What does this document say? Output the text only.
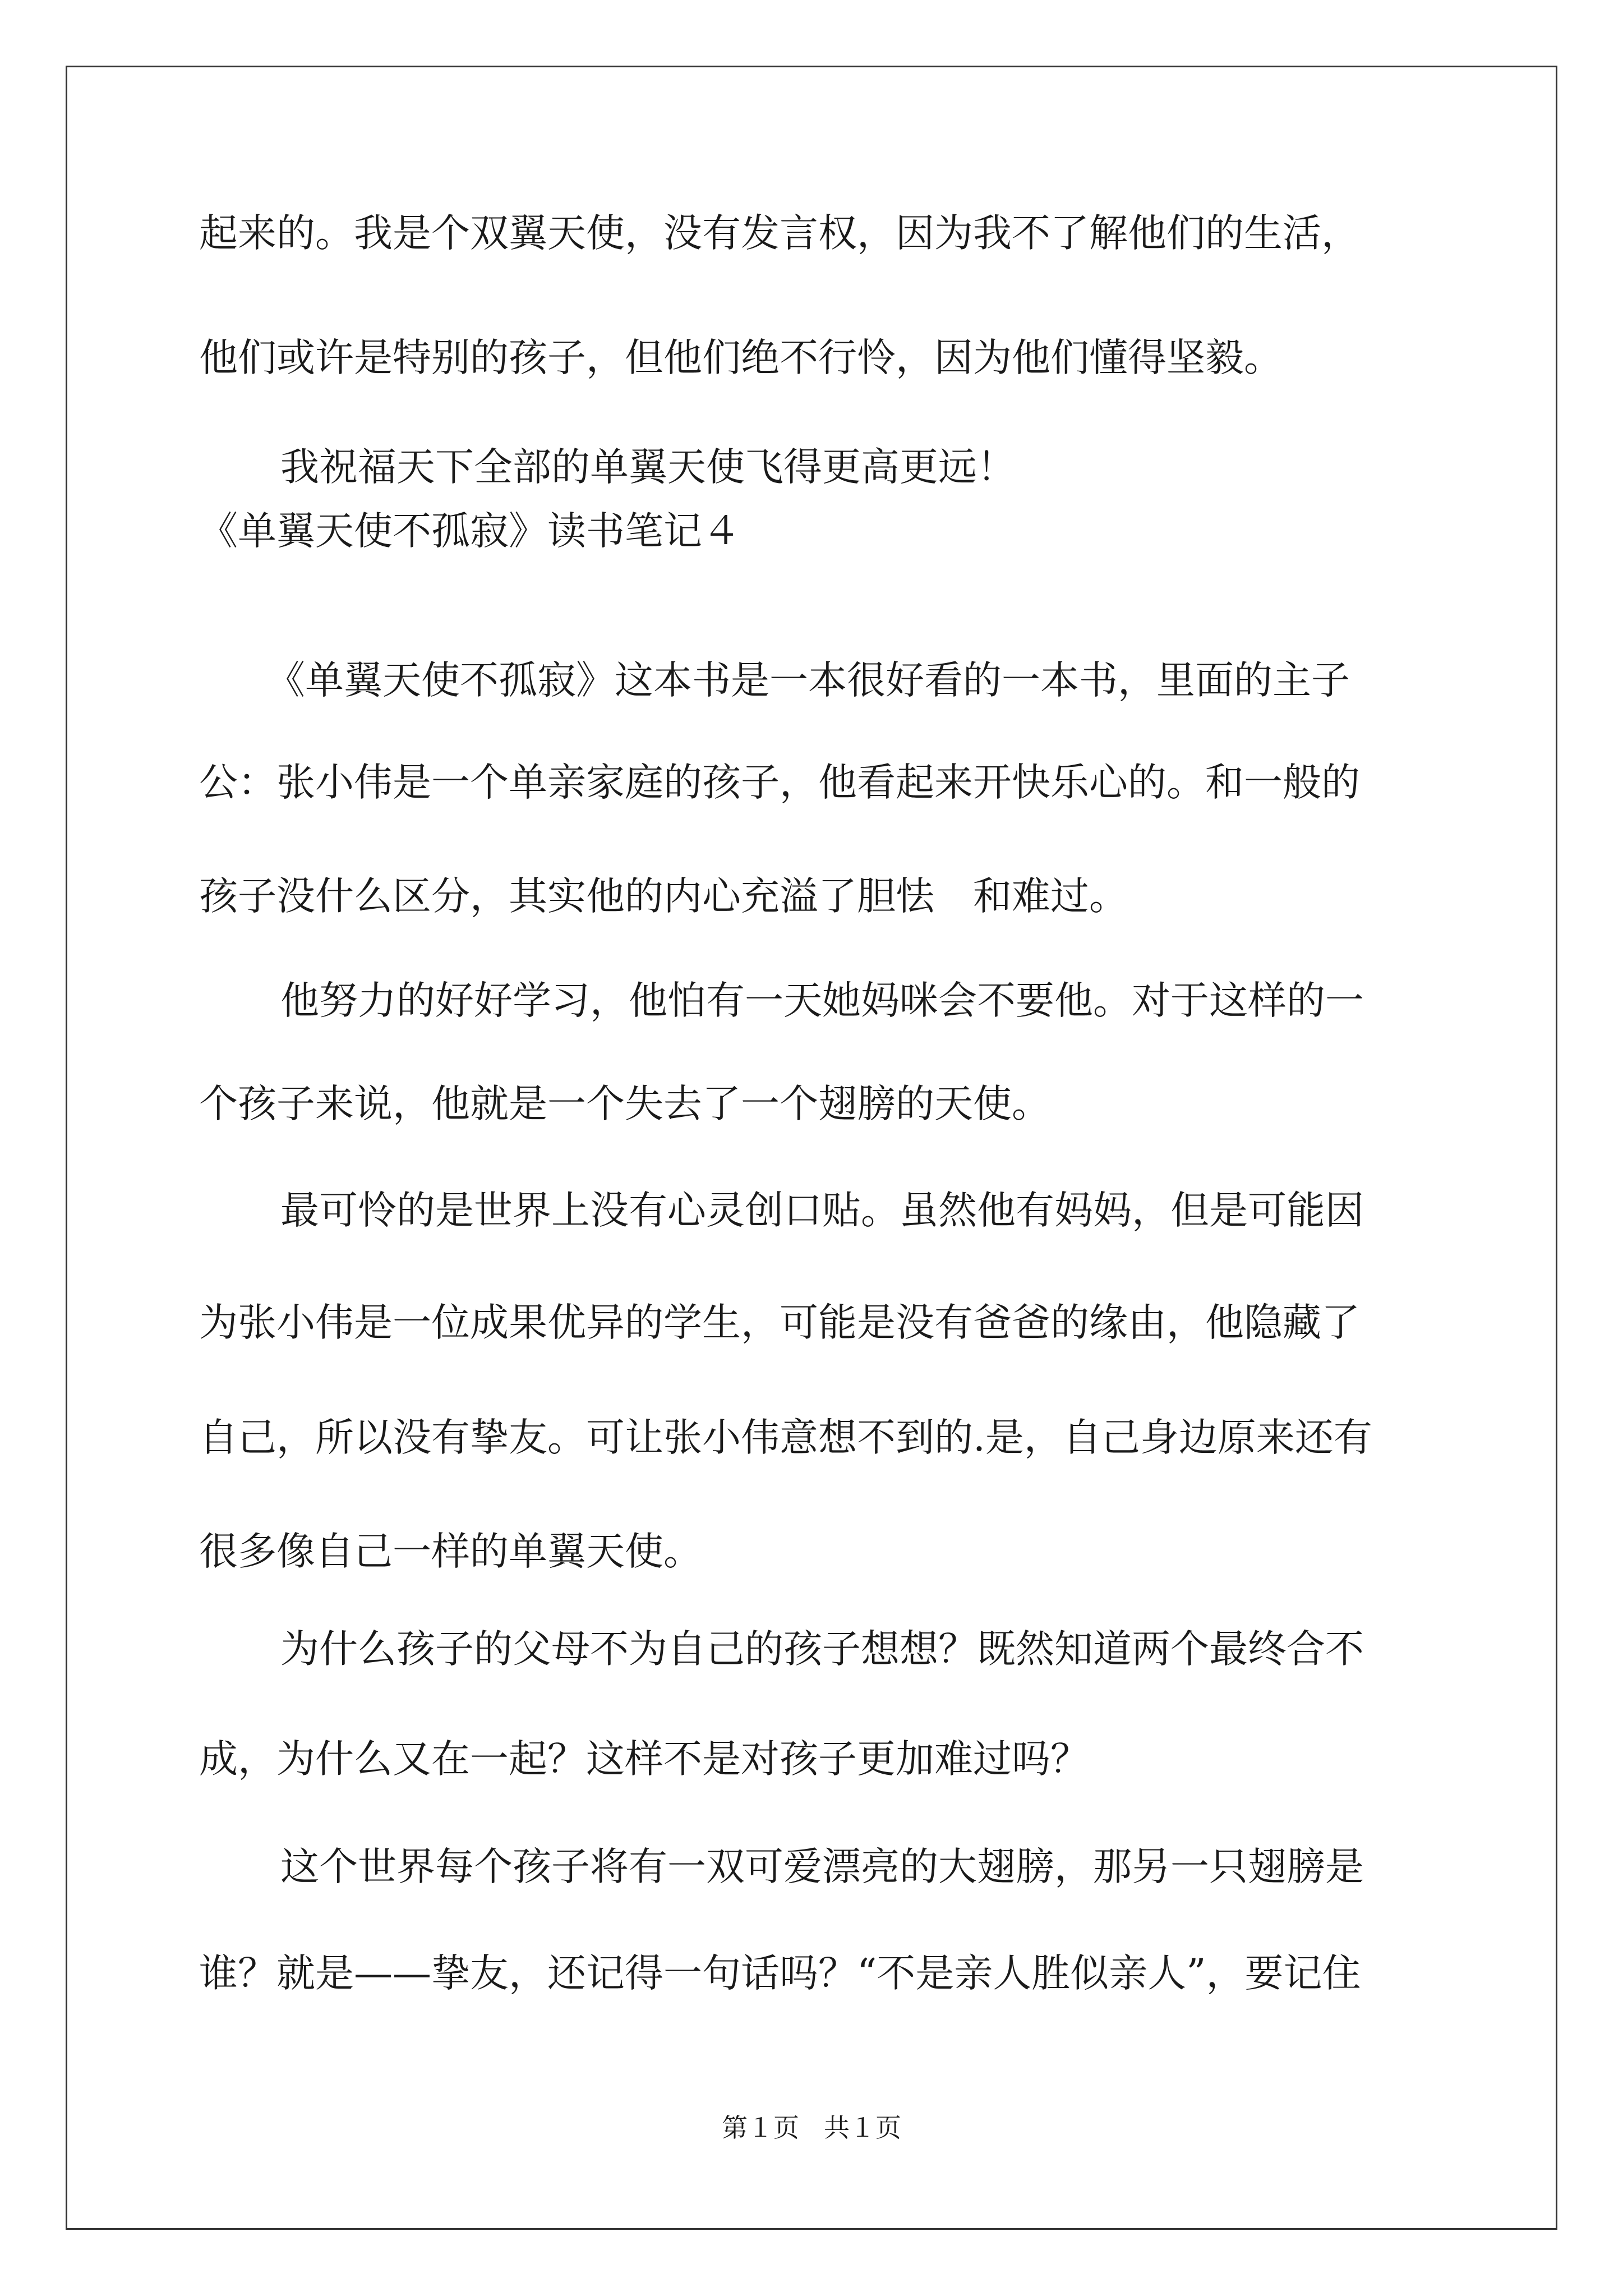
起来的。我是个双翼天使，没有发言权，因为我不了解他们的生活，

他们或许是特别的孩子，但他们绝不行怜，因为他们懂得坚毅。

我祝福天下全部的单翼天使飞得更高更远！

《单翼天使不孤寂》读书笔记４

《单翼天使不孤寂》这本书是一本很好看的一本书，里面的主子

公：张小伟是一个单亲家庭的孩子，他看起来开快乐心的。和一般的

孩子没什么区分，其实他的内心充溢了胆怯　和难过。

他努力的好好学习，他怕有一天她妈咪会不要他。对于这样的一

个孩子来说，他就是一个失去了一个翅膀的天使。

最可怜的是世界上没有心灵创口贴。虽然他有妈妈，但是可能因

为张小伟是一位成果优异的学生，可能是没有爸爸的缘由，他隐藏了

自己，所以没有挚友。可让张小伟意想不到的.是，自己身边原来还有

很多像自己一样的单翼天使。

为什么孩子的父母不为自己的孩子想想？既然知道两个最终合不

成，为什么又在一起？这样不是对孩子更加难过吗？

这个世界每个孩子将有一双可爱漂亮的大翅膀，那另一只翅膀是

谁？就是——挚友，还记得一句话吗？“不是亲人胜似亲人”，要记住

第１页 共１页
